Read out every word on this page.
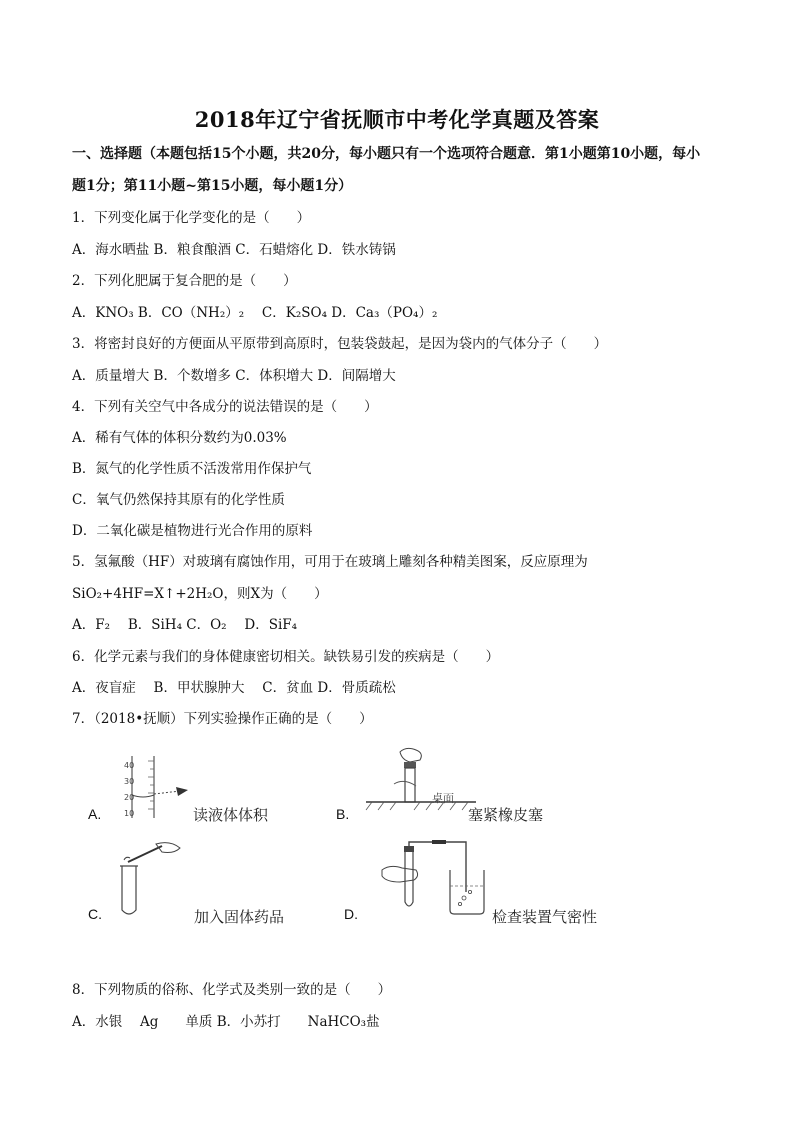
2018年辽宁省抚顺市中考化学真题及答案
一、选择题（本题包括15个小题，共20分，每小题只有一个选项符合题意．第1小题第10小题，每小
题1分；第11小题~第15小题，每小题1分）
1．下列变化属于化学变化的是（　　）
A．海水晒盐 B．粮食酿酒 C．石蜡熔化 D．铁水铸锅
2．下列化肥属于复合肥的是（　　）
A．KNO₃ B．CO（NH₂）₂　 C．K₂SO₄ D．Ca₃（PO₄）₂
3．将密封良好的方便面从平原带到高原时，包装袋鼓起，是因为袋内的气体分子（　　）
A．质量增大 B．个数增多 C．体积增大 D．间隔增大
4．下列有关空气中各成分的说法错误的是（　　）
A．稀有气体的体积分数约为0.03%
B．氮气的化学性质不活泼常用作保护气
C．氧气仍然保持其原有的化学性质
D．二氧化碳是植物进行光合作用的原料
5．氢氟酸（HF）对玻璃有腐蚀作用，可用于在玻璃上雕刻各种精美图案，反应原理为
SiO₂+4HF=X↑+2H₂O，则X为（　　）
A．F₂　 B．SiH₄ C．O₂　 D．SiF₄
6．化学元素与我们的身体健康密切相关。缺铁易引发的疾病是（　　）
A．夜盲症　 B．甲状腺肿大　 C．贫血 D．骨质疏松
7．（2018•抚顺）下列实验操作正确的是（　　）
A.
40
30
20
10	读液体体积	B.
桌面
塞紧橡皮塞
C.	加入固体药品	D.	检查装置气密性
8．下列物质的俗称、化学式及类别一致的是（　　）
A．水银　 Ag　　单质 B．小苏打　　NaHCO₃盐
